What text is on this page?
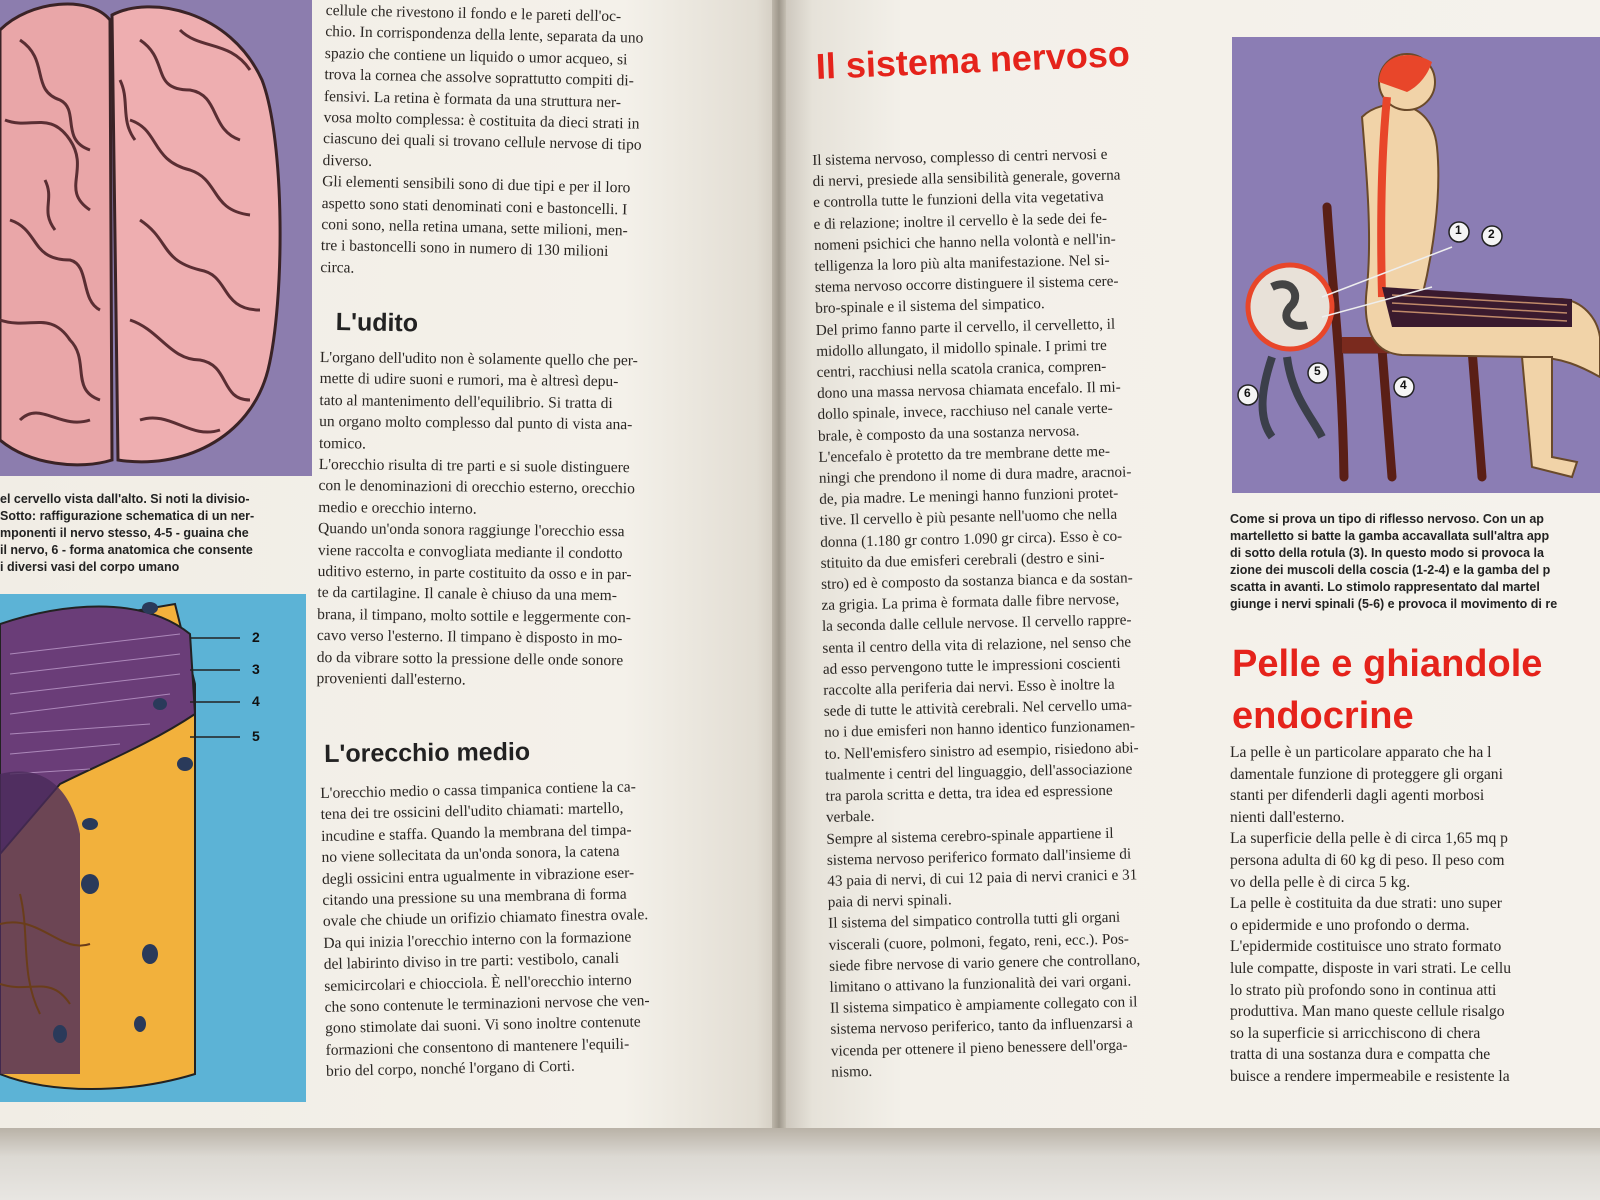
el cervello vista dall'alto. Si noti la divisio-
Sotto: raffigurazione schematica di un ner-
mponenti il nervo stesso, 4-5 - guaina che
il nervo, 6 - forma anatomica che consente
i diversi vasi del corpo umano
2
3
4
5

cellule che rivestono il fondo e le pareti dell'oc-

chio. In corrispondenza della lente, separata da uno

spazio che contiene un liquido o umor acqueo, si

trova la cornea che assolve soprattutto compiti di-

fensivi. La retina è formata da una struttura ner-

vosa molto complessa: è costituita da dieci strati in

ciascuno dei quali si trovano cellule nervose di tipo

diverso.

Gli elementi sensibili sono di due tipi e per il loro

aspetto sono stati denominati coni e bastoncelli. I

coni sono, nella retina umana, sette milioni, men-

tre i bastoncelli sono in numero di 130 milioni

circa.

L'udito

L'organo dell'udito non è solamente quello che per-

mette di udire suoni e rumori, ma è altresì depu-

tato al mantenimento dell'equilibrio. Si tratta di

un organo molto complesso dal punto di vista ana-

tomico.

L'orecchio risulta di tre parti e si suole distinguere

con le denominazioni di orecchio esterno, orecchio

medio e orecchio interno.

Quando un'onda sonora raggiunge l'orecchio essa

viene raccolta e convogliata mediante il condotto

uditivo esterno, in parte costituito da osso e in par-

te da cartilagine. Il canale è chiuso da una mem-

brana, il timpano, molto sottile e leggermente con-

cavo verso l'esterno. Il timpano è disposto in mo-

do da vibrare sotto la pressione delle onde sonore

provenienti dall'esterno.

L'orecchio medio

L'orecchio medio o cassa timpanica contiene la ca-

tena dei tre ossicini dell'udito chiamati: martello,

incudine e staffa. Quando la membrana del timpa-

no viene sollecitata da un'onda sonora, la catena

degli ossicini entra ugualmente in vibrazione eser-

citando una pressione su una membrana di forma

ovale che chiude un orifizio chiamato finestra ovale.

Da qui inizia l'orecchio interno con la formazione

del labirinto diviso in tre parti: vestibolo, canali

semicircolari e chiocciola. È nell'orecchio interno

che sono contenute le terminazioni nervose che ven-

gono stimolate dai suoni. Vi sono inoltre contenute

formazioni che consentono di mantenere l'equili-

brio del corpo, nonché l'organo di Corti.

Il sistema nervoso

Il sistema nervoso, complesso di centri nervosi e

di nervi, presiede alla sensibilità generale, governa

e controlla tutte le funzioni della vita vegetativa

e di relazione; inoltre il cervello è la sede dei fe-

nomeni psichici che hanno nella volontà e nell'in-

telligenza la loro più alta manifestazione. Nel si-

stema nervoso occorre distinguere il sistema cere-

bro-spinale e il sistema del simpatico.

Del primo fanno parte il cervello, il cervelletto, il

midollo allungato, il midollo spinale. I primi tre

centri, racchiusi nella scatola cranica, compren-

dono una massa nervosa chiamata encefalo. Il mi-

dollo spinale, invece, racchiuso nel canale verte-

brale, è composto da una sostanza nervosa.

L'encefalo è protetto da tre membrane dette me-

ningi che prendono il nome di dura madre, aracnoi-

de, pia madre. Le meningi hanno funzioni protet-

tive. Il cervello è più pesante nell'uomo che nella

donna (1.180 gr contro 1.090 gr circa). Esso è co-

stituito da due emisferi cerebrali (destro e sini-

stro) ed è composto da sostanza bianca e da sostan-

za grigia. La prima è formata dalle fibre nervose,

la seconda dalle cellule nervose. Il cervello rappre-

senta il centro della vita di relazione, nel senso che

ad esso pervengono tutte le impressioni coscienti

raccolte alla periferia dai nervi. Esso è inoltre la

sede di tutte le attività cerebrali. Nel cervello uma-

no i due emisferi non hanno identico funzionamen-

to. Nell'emisfero sinistro ad esempio, risiedono abi-

tualmente i centri del linguaggio, dell'associazione

tra parola scritta e detta, tra idea ed espressione

verbale.

Sempre al sistema cerebro-spinale appartiene il

sistema nervoso periferico formato dall'insieme di

43 paia di nervi, di cui 12 paia di nervi cranici e 31

paia di nervi spinali.

Il sistema del simpatico controlla tutti gli organi

viscerali (cuore, polmoni, fegato, reni, ecc.). Pos-

siede fibre nervose di vario genere che controllano,

limitano o attivano la funzionalità dei vari organi.

Il sistema simpatico è ampiamente collegato con il

sistema nervoso periferico, tanto da influenzarsi a

vicenda per ottenere il pieno benessere dell'orga-

nismo.

1 2
4
5
6
Come si prova un tipo di riflesso nervoso. Con un ap
martelletto si batte la gamba accavallata sull'altra app
di sotto della rotula (3). In questo modo si provoca la
zione dei muscoli della coscia (1-2-4) e la gamba del p
scatta in avanti. Lo stimolo rappresentato dal martel
giunge i nervi spinali (5-6) e provoca il movimento di re
Pelle e ghiandole
endocrine

La pelle è un particolare apparato che ha l

damentale funzione di proteggere gli organi

stanti per difenderli dagli agenti morbosi

nienti dall'esterno.

La superficie della pelle è di circa 1,65 mq p

persona adulta di 60 kg di peso. Il peso com

vo della pelle è di circa 5 kg.

La pelle è costituita da due strati: uno super

o epidermide e uno profondo o derma.

L'epidermide costituisce uno strato formato

lule compatte, disposte in vari strati. Le cellu

lo strato più profondo sono in continua atti

produttiva. Man mano queste cellule risalgo

so la superficie si arricchiscono di chera

tratta di una sostanza dura e compatta che

buisce a rendere impermeabile e resistente la
